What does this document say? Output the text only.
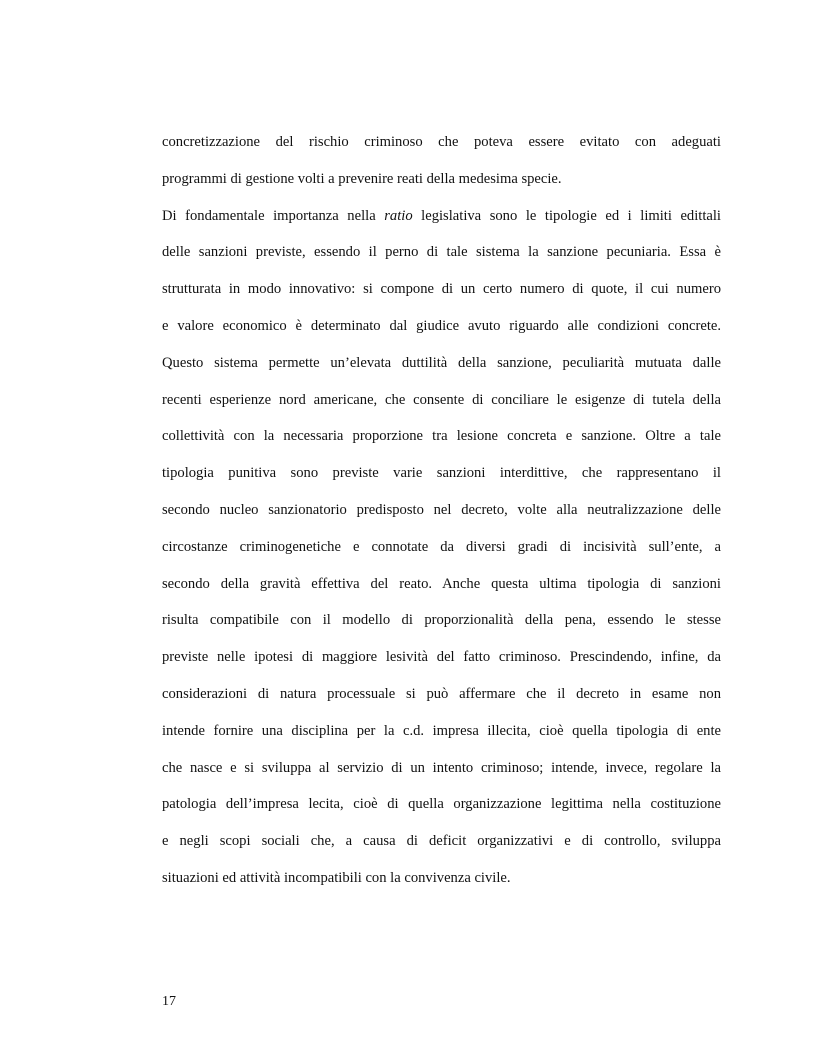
concretizzazione del rischio criminoso che poteva essere evitato con adeguati
programmi di gestione volti a prevenire reati della medesima specie.
Di fondamentale importanza nella ratio legislativa sono le tipologie ed i limiti edittali
delle sanzioni previste, essendo il perno di tale sistema la sanzione pecuniaria. Essa è
strutturata in modo innovativo: si compone di un certo numero di quote, il cui numero
e valore economico è determinato dal giudice avuto riguardo alle condizioni concrete.
Questo sistema permette un’elevata duttilità della sanzione, peculiarità mutuata dalle
recenti esperienze nord americane, che consente di conciliare le esigenze di tutela della
collettività con la necessaria proporzione tra lesione concreta e sanzione. Oltre a tale
tipologia punitiva sono previste varie sanzioni interdittive, che rappresentano il
secondo nucleo sanzionatorio predisposto nel decreto, volte alla neutralizzazione delle
circostanze criminogenetiche e connotate da diversi gradi di incisività sull’ente, a
secondo della gravità effettiva del reato. Anche questa ultima tipologia di sanzioni
risulta compatibile con il modello di proporzionalità della pena, essendo le stesse
previste nelle ipotesi di maggiore lesività del fatto criminoso. Prescindendo, infine, da
considerazioni di natura processuale si può affermare che il decreto in esame non
intende fornire una disciplina per la c.d. impresa illecita, cioè quella tipologia di ente
che nasce e si sviluppa al servizio di un intento criminoso; intende, invece, regolare la
patologia dell’impresa lecita, cioè di quella organizzazione legittima nella costituzione
e negli scopi sociali che, a causa di deficit organizzativi e di controllo, sviluppa
situazioni ed attività incompatibili con la convivenza civile.
17
